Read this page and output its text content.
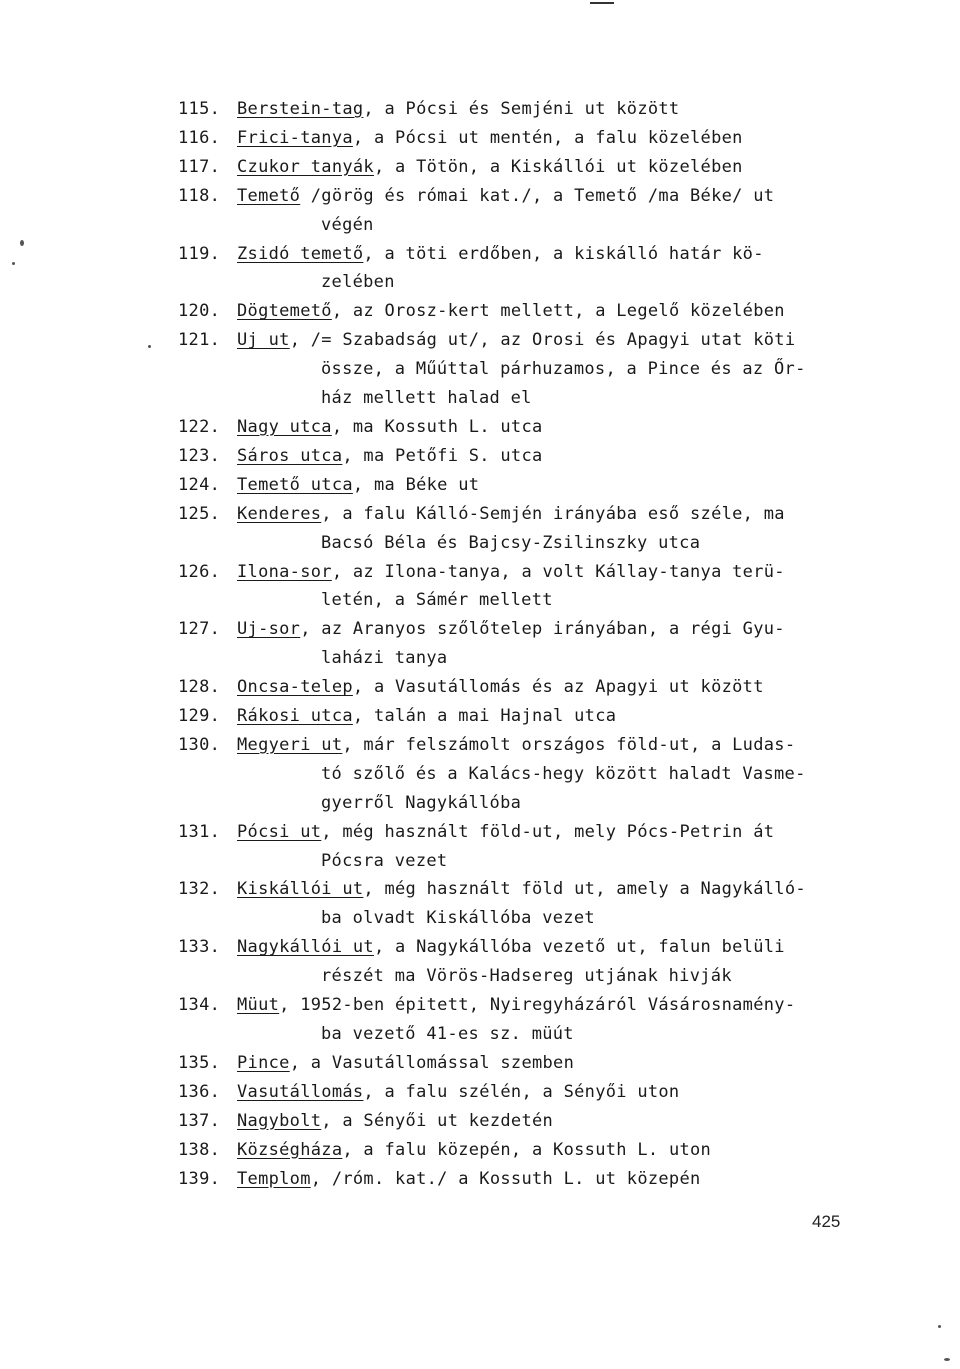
115. Berstein-tag, a Pócsi és Semjéni ut között
116. Frici-tanya, a Pócsi ut mentén, a falu közelében
117. Czukor tanyák, a Tötön, a Kiskállói ut közelében
118. Temető /görög és római kat./, a Temető /ma Béke/ ut
végén
119. Zsidó temető, a töti erdőben, a kiskálló határ kö-
zelében
120. Dögtemető, az Orosz-kert mellett, a Legelő közelében
121. Uj ut, /= Szabadság ut/, az Orosi és Apagyi utat köti
össze, a Műúttal párhuzamos, a Pince és az Őr-
ház mellett halad el
122. Nagy utca, ma Kossuth L. utca
123. Sáros utca, ma Petőfi S. utca
124. Temető utca, ma Béke ut
125. Kenderes, a falu Kálló-Semjén irányába eső széle, ma
Bacsó Béla és Bajcsy-Zsilinszky utca
126. Ilona-sor, az Ilona-tanya, a volt Kállay-tanya terü-
letén, a Sámér mellett
127. Uj-sor, az Aranyos szőlőtelep irányában, a régi Gyu-
laházi tanya
128. Oncsa-telep, a Vasutállomás és az Apagyi ut között
129. Rákosi utca, talán a mai Hajnal utca
130. Megyeri ut, már felszámolt országos föld-ut, a Ludas-
tó szőlő és a Kalács-hegy között haladt Vasme-
gyerről Nagykállóba
131. Pócsi ut, még használt föld-ut, mely Pócs-Petrin át
Pócsra vezet
132. Kiskállói ut, még használt föld ut, amely a Nagykálló-
ba olvadt Kiskállóba vezet
133. Nagykállói ut, a Nagykállóba vezető ut, falun belüli
részét ma Vörös-Hadsereg utjának hivják
134. Müut, 1952-ben épitett, Nyiregyházáról Vásárosnamény-
ba vezető 41-es sz. müút
135. Pince, a Vasutállomással szemben
136. Vasutállomás, a falu szélén, a Sényői uton
137. Nagybolt, a Sényői ut kezdetén
138. Községháza, a falu közepén, a Kossuth L. uton
139. Templom, /róm. kat./ a Kossuth L. ut közepén
425
